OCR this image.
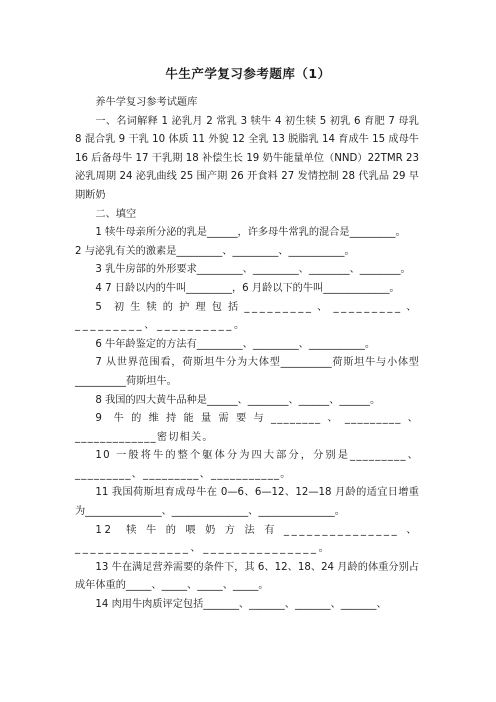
牛生产学复习参考题库（1）

养牛学复习参考试题库

一、名词解释 1 泌乳月 2 常乳 3 犊牛 4 初生犊 5 初乳 6 育肥 7 母乳 8 混合乳 9 干乳 10 体质 11 外貌 12 全乳 13 脱脂乳 14 育成牛 15 成母牛 16 后备母牛 17 干乳期 18 补偿生长 19 奶牛能量单位（NND）22TMR 23 泌乳周期 24 泌乳曲线 25 围产期 26 开食料 27 发情控制 28 代乳品 29 早期断奶

二、填空

1 犊牛母亲所分泌的乳是______，许多母牛常乳的混合是_________。

2 与泌乳有关的激素是_________、_________、___________。

3 乳牛房部的外形要求_________、_________、________、________。

4 7 日龄以内的牛叫_________，6 月龄以下的牛叫_____________。

5 初生犊的护理包括_________、_________、_________、__________。

6 牛年龄鉴定的方法有_________、_________、___________。

7 从世界范围看，荷斯坦牛分为大体型__________荷斯坦牛与小体型__________荷斯坦牛。

8 我国的四大黄牛品种是______、________、______、______。

9 牛的维持能量需要与________、_________、_____________密切相关。

10 一般将牛的整个躯体分为四大部分，分别是_________、_________、_________、___________。

11 我国荷斯坦育成母牛在 0—6、6—12、12—18 月龄的适宜日增重为_______________、_______________、_______________。

12 犊牛的喂奶方法有_______________、_______________、_______________。

13 牛在满足营养需要的条件下，其 6、12、18、24 月龄的体重分别占成年体重的_____、_____、_____、_____。

14 肉用牛肉质评定包括_______、_______、_______、_______、
